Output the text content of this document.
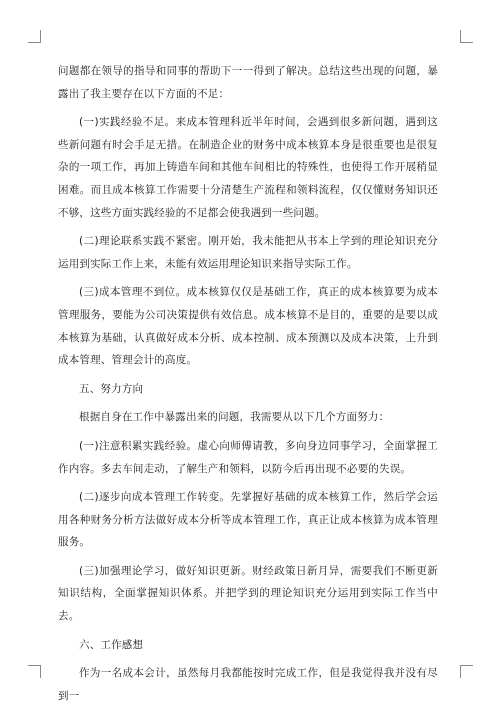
问题都在领导的指导和同事的帮助下一一得到了解决。总结这些出现的问题，暴露出了我主要存在以下方面的不足：

(一)实践经验不足。来成本管理科近半年时间，会遇到很多新问题，遇到这些新问题有时会手足无措。在制造企业的财务中成本核算本身是很重要也是很复杂的一项工作，再加上铸造车间和其他车间相比的特殊性，也使得工作开展稍显困难。而且成本核算工作需要十分清楚生产流程和领料流程，仅仅懂财务知识还不够，这些方面实践经验的不足都会使我遇到一些问题。

(二)理论联系实践不紧密。刚开始，我未能把从书本上学到的理论知识充分运用到实际工作上来，未能有效运用理论知识来指导实际工作。

(三)成本管理不到位。成本核算仅仅是基础工作，真正的成本核算要为成本管理服务，要能为公司决策提供有效信息。成本核算不是目的，重要的是要以成本核算为基础，认真做好成本分析、成本控制、成本预测以及成本决策，上升到成本管理、管理会计的高度。

五、努力方向

根据自身在工作中暴露出来的问题，我需要从以下几个方面努力：

(一)注意积累实践经验。虚心向师傅请教，多向身边同事学习，全面掌握工作内容。多去车间走动，了解生产和领料，以防今后再出现不必要的失误。

(二)逐步向成本管理工作转变。先掌握好基础的成本核算工作，然后学会运用各种财务分析方法做好成本分析等成本管理工作，真正让成本核算为成本管理服务。

(三)加强理论学习，做好知识更新。财经政策日新月异，需要我们不断更新知识结构，全面掌握知识体系。并把学到的理论知识充分运用到实际工作当中去。

六、工作感想

作为一名成本会计，虽然每月我都能按时完成工作，但是我觉得我并没有尽到一
